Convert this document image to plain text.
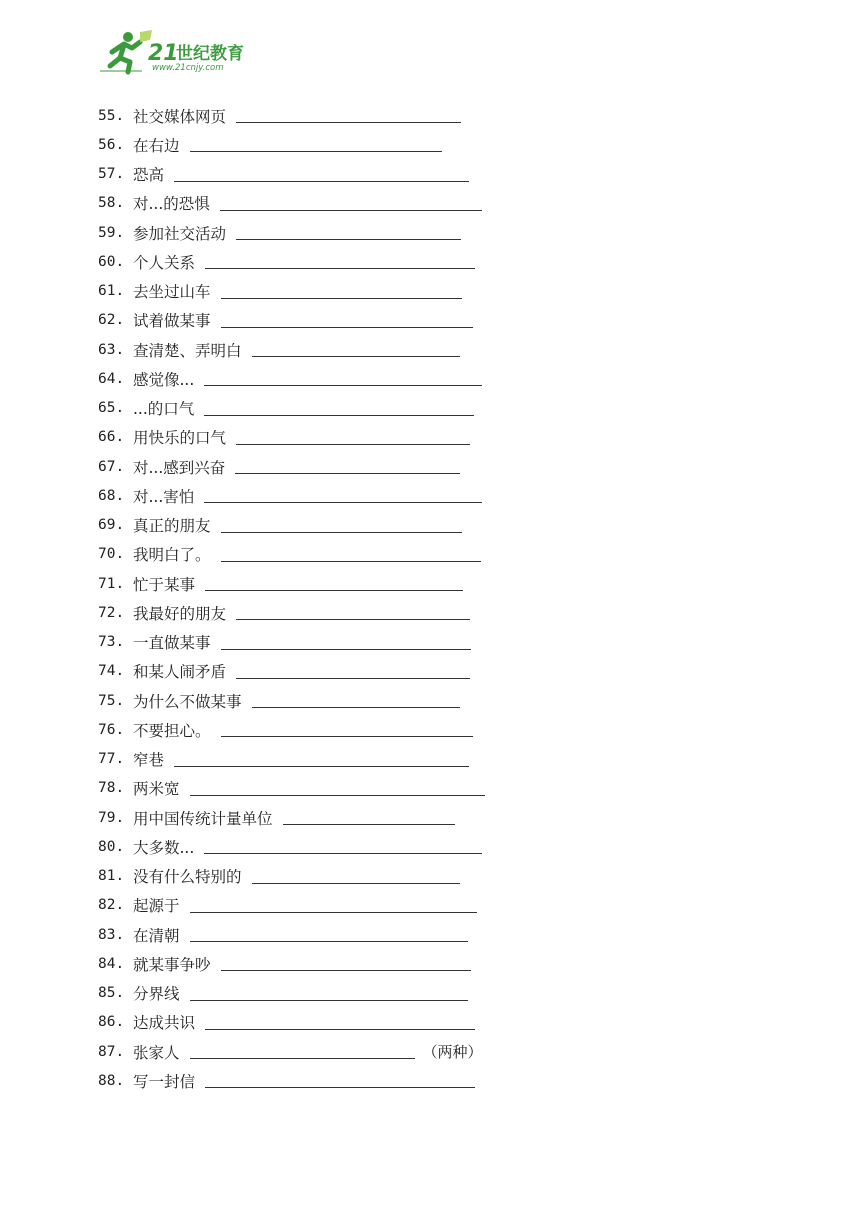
21
世纪教育
www.21cnjy.com
55. 社交媒体网页
56. 在右边
57. 恐高
58. 对...的恐惧
59. 参加社交活动
60. 个人关系
61. 去坐过山车
62. 试着做某事
63. 查清楚、弄明白
64. 感觉像...
65. ...的口气
66. 用快乐的口气
67. 对...感到兴奋
68. 对...害怕
69. 真正的朋友
70. 我明白了。
71. 忙于某事
72. 我最好的朋友
73. 一直做某事
74. 和某人闹矛盾
75. 为什么不做某事
76. 不要担心。
77. 窄巷
78. 两米宽
79. 用中国传统计量单位
80. 大多数...
81. 没有什么特别的
82. 起源于
83. 在清朝
84. 就某事争吵
85. 分界线
86. 达成共识
87. 张家人	（两种）
88. 写一封信
